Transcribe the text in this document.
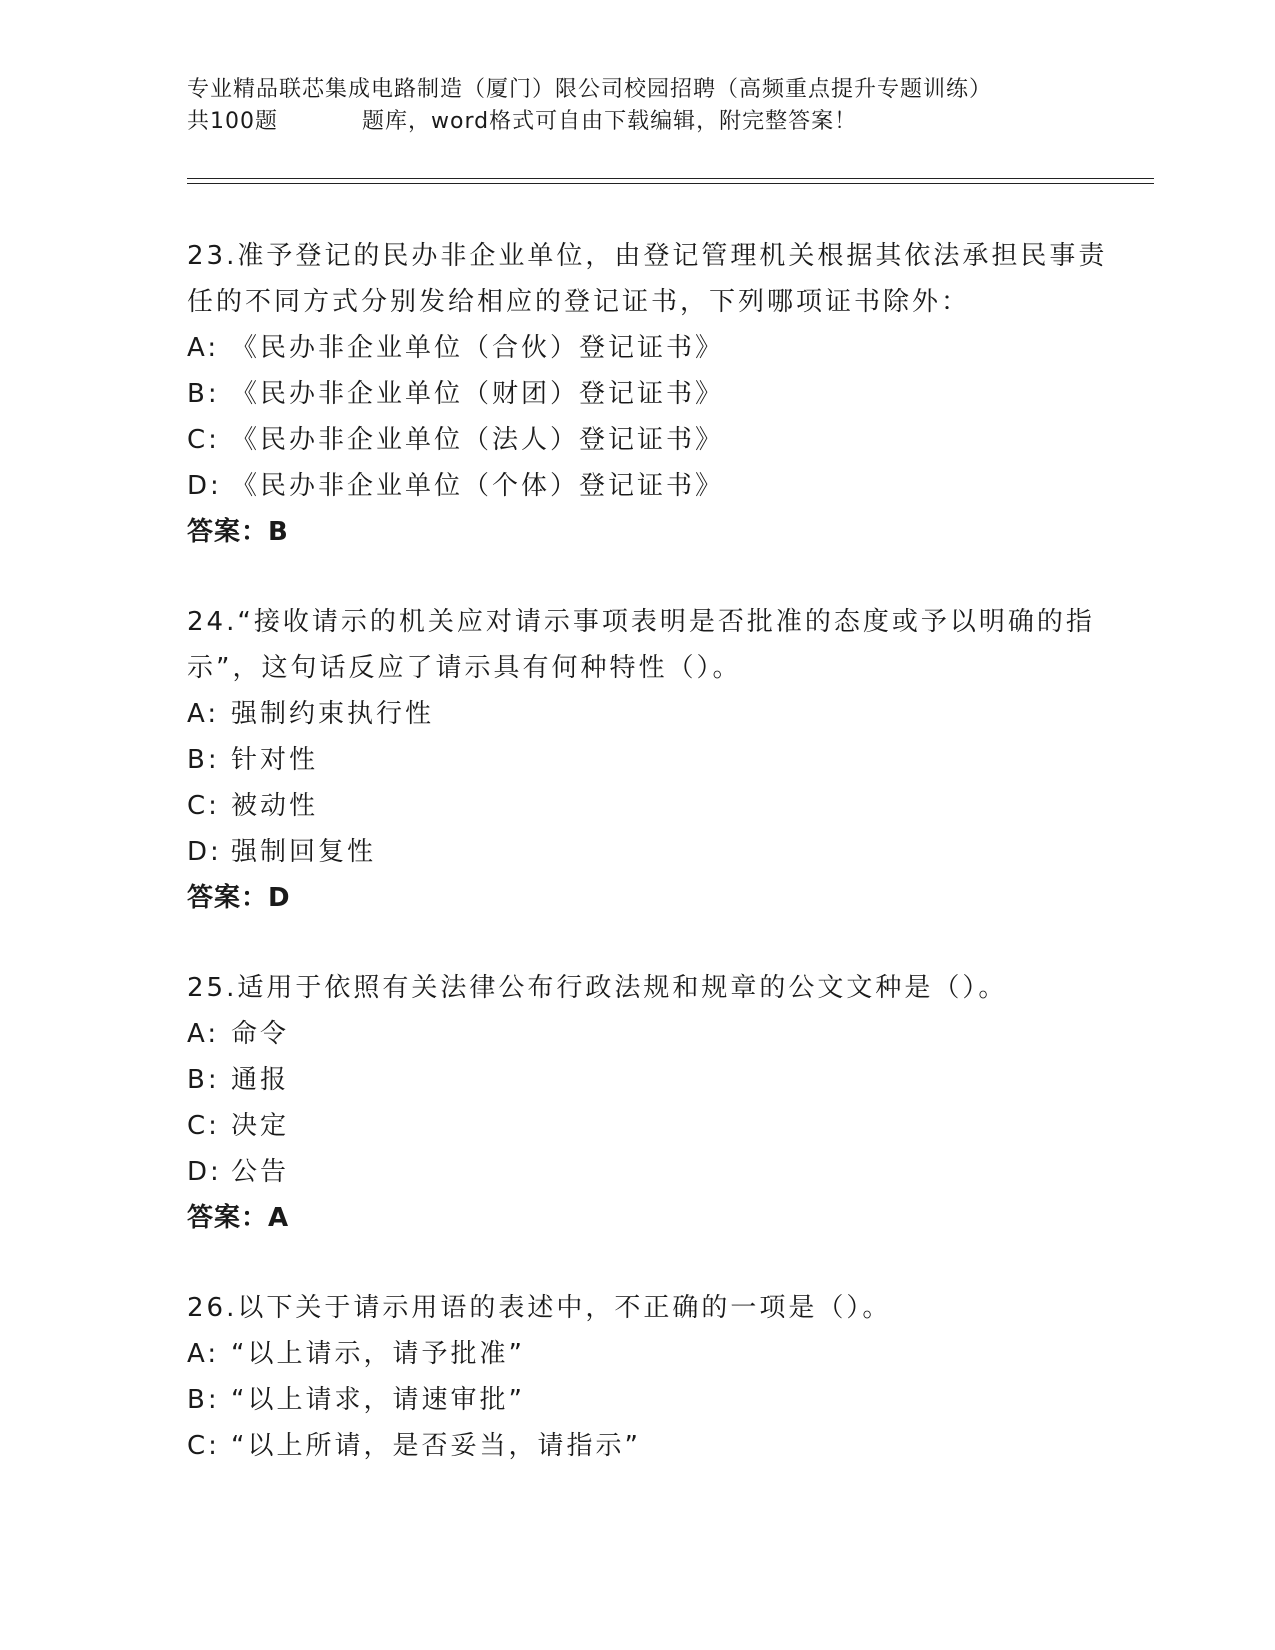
专业精品联芯集成电路制造（厦门）限公司校园招聘（高频重点提升专题训练）
共100题	题库，word格式可自由下载编辑，附完整答案！

23.准予登记的民办非企业单位，由登记管理机关根据其依法承担民事责任的不同方式分别发给相应的登记证书，下列哪项证书除外：

A: 《民办非企业单位（合伙）登记证书》
B: 《民办非企业单位（财团）登记证书》
C: 《民办非企业单位（法人）登记证书》
D: 《民办非企业单位（个体）登记证书》
答案：B

24.“接收请示的机关应对请示事项表明是否批准的态度或予以明确的指示”，这句话反应了请示具有何种特性（）。

A: 强制约束执行性
B: 针对性
C: 被动性
D: 强制回复性
答案：D

25.适用于依照有关法律公布行政法规和规章的公文文种是（）。

A: 命令
B: 通报
C: 决定
D: 公告
答案：A

26.以下关于请示用语的表述中，不正确的一项是（）。

A: “以上请示，请予批准”
B: “以上请求，请速审批”
C: “以上所请，是否妥当，请指示”
